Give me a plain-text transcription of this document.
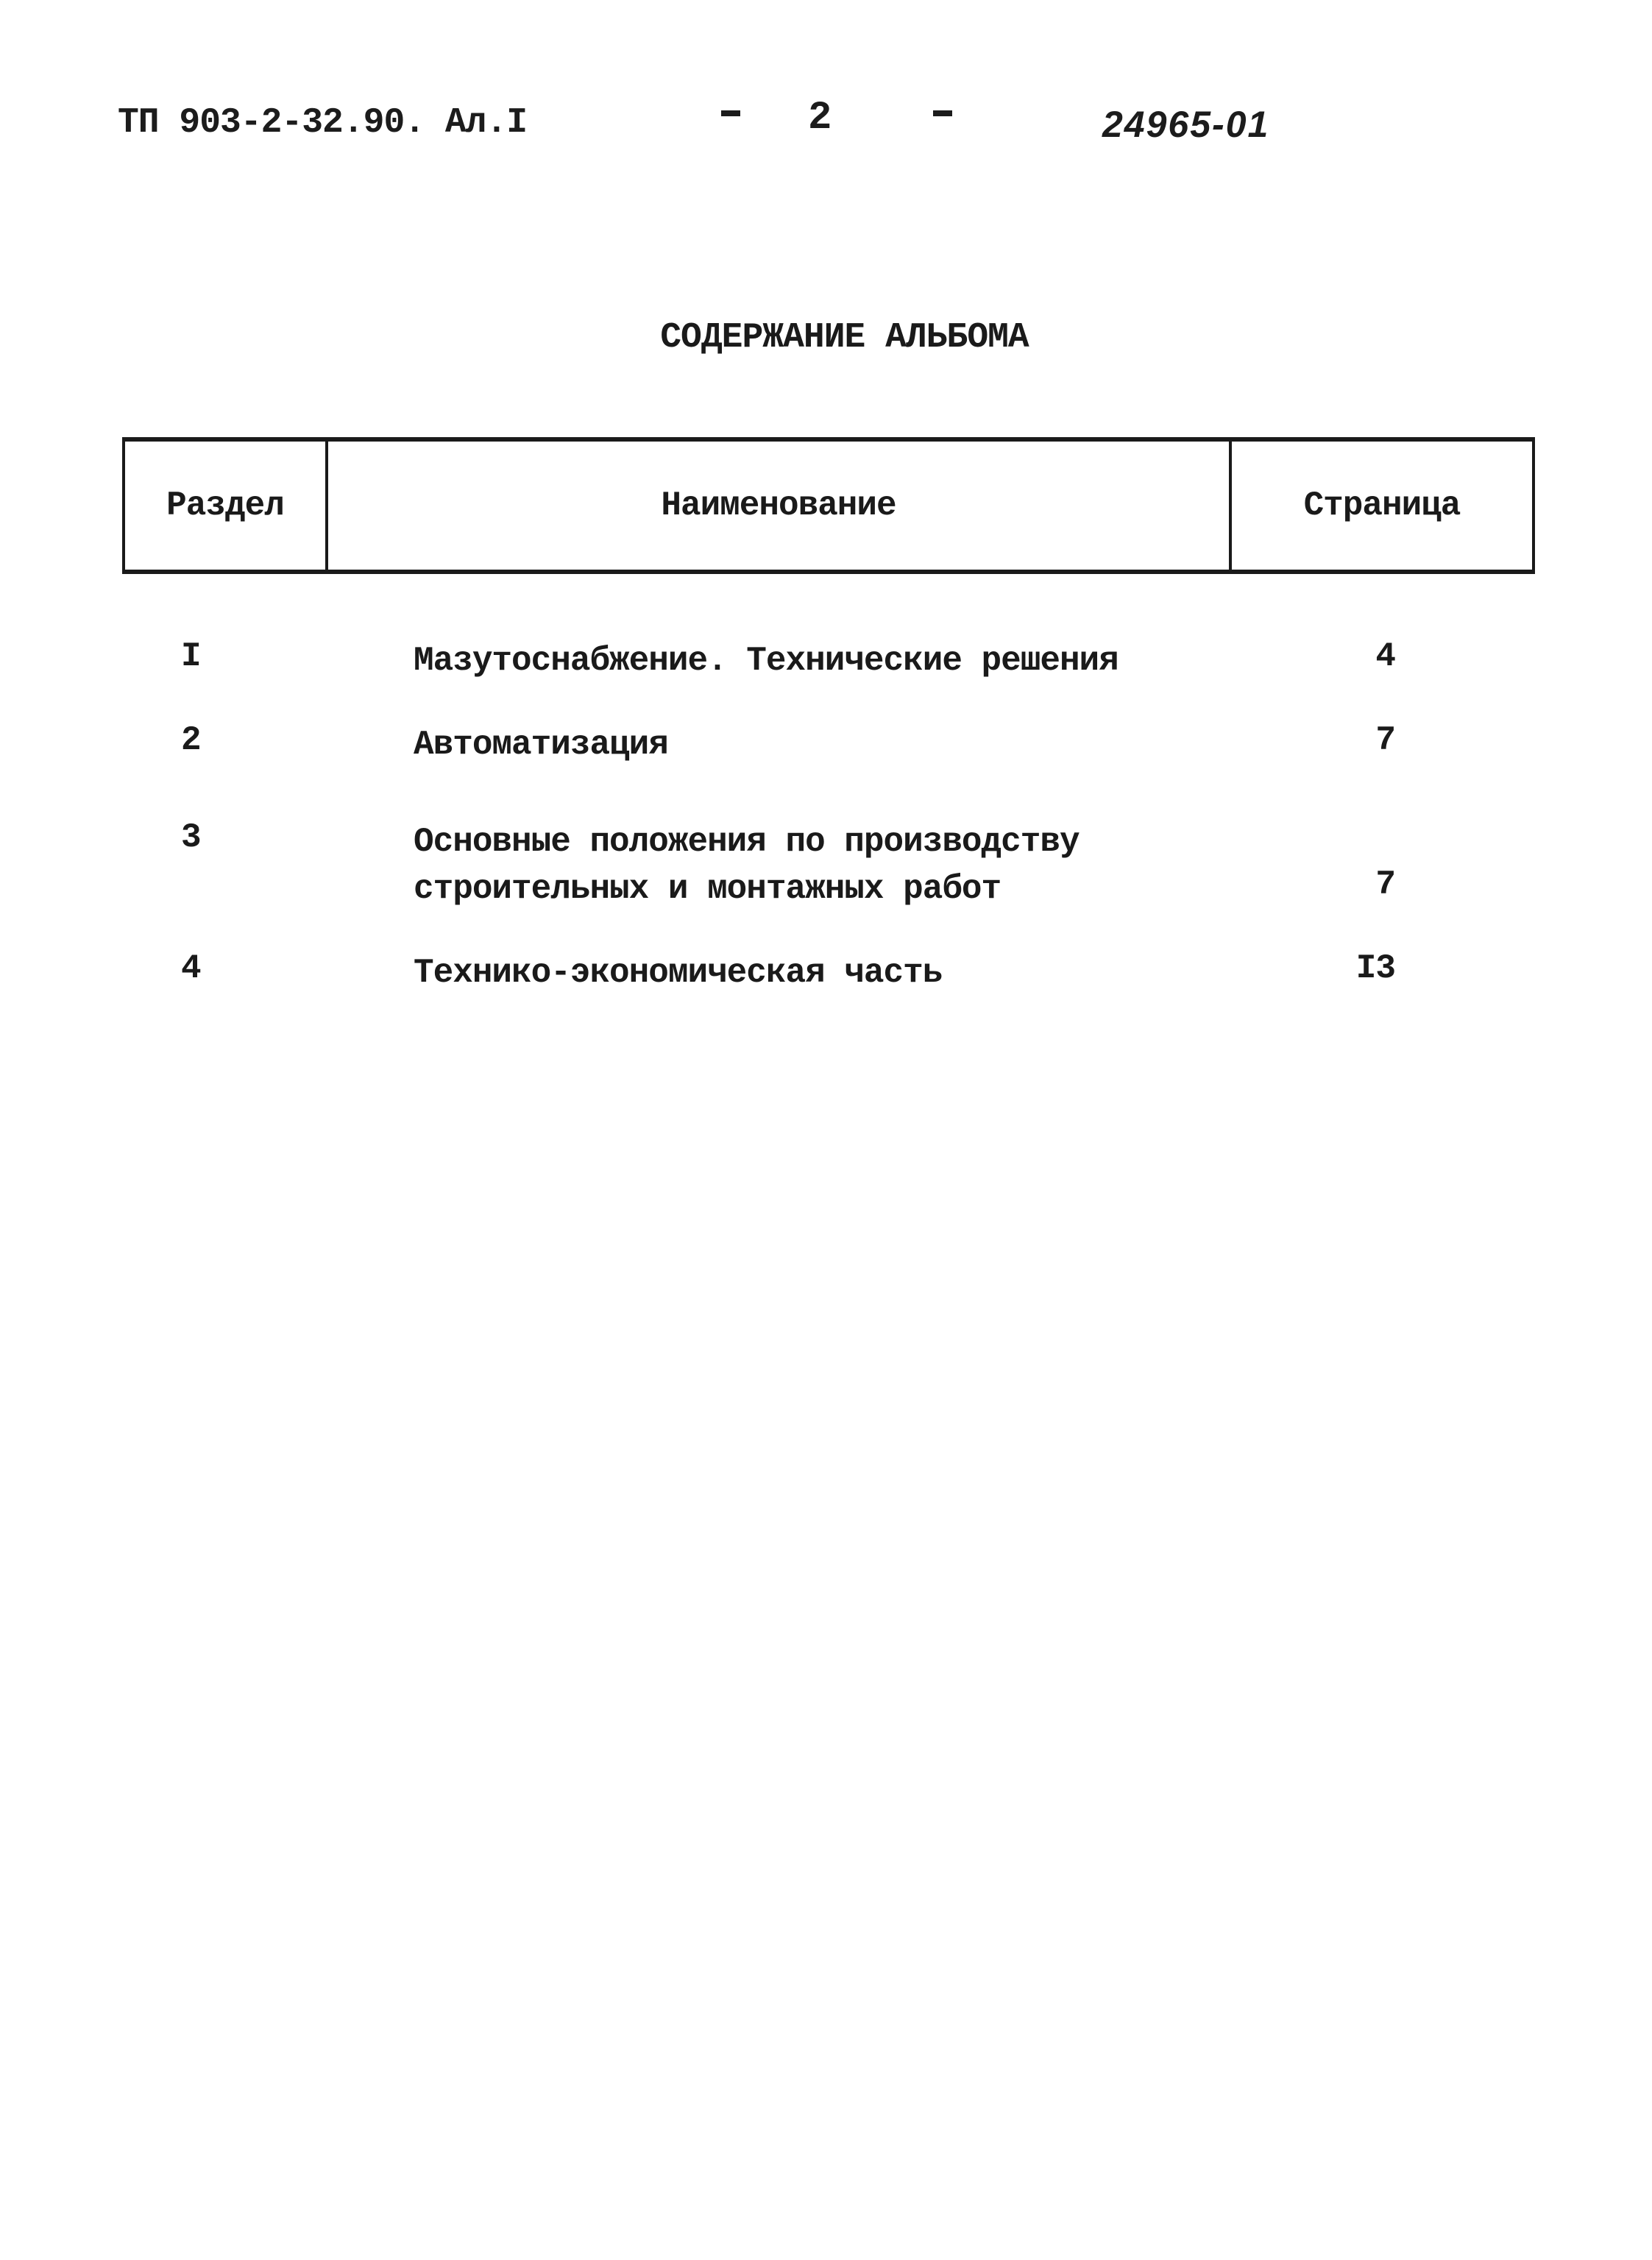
ТП 903-2-32.90. Ал.I	2	24965-01
СОДЕРЖАНИЕ АЛЬБОМА
Раздел	Наименование	Страница
I	Мазутоснабжение. Технические решения	4
2	Автоматизация	7
3	Основные положения по производству
строительных и монтажных работ	7
4	Технико-экономическая часть	I3
